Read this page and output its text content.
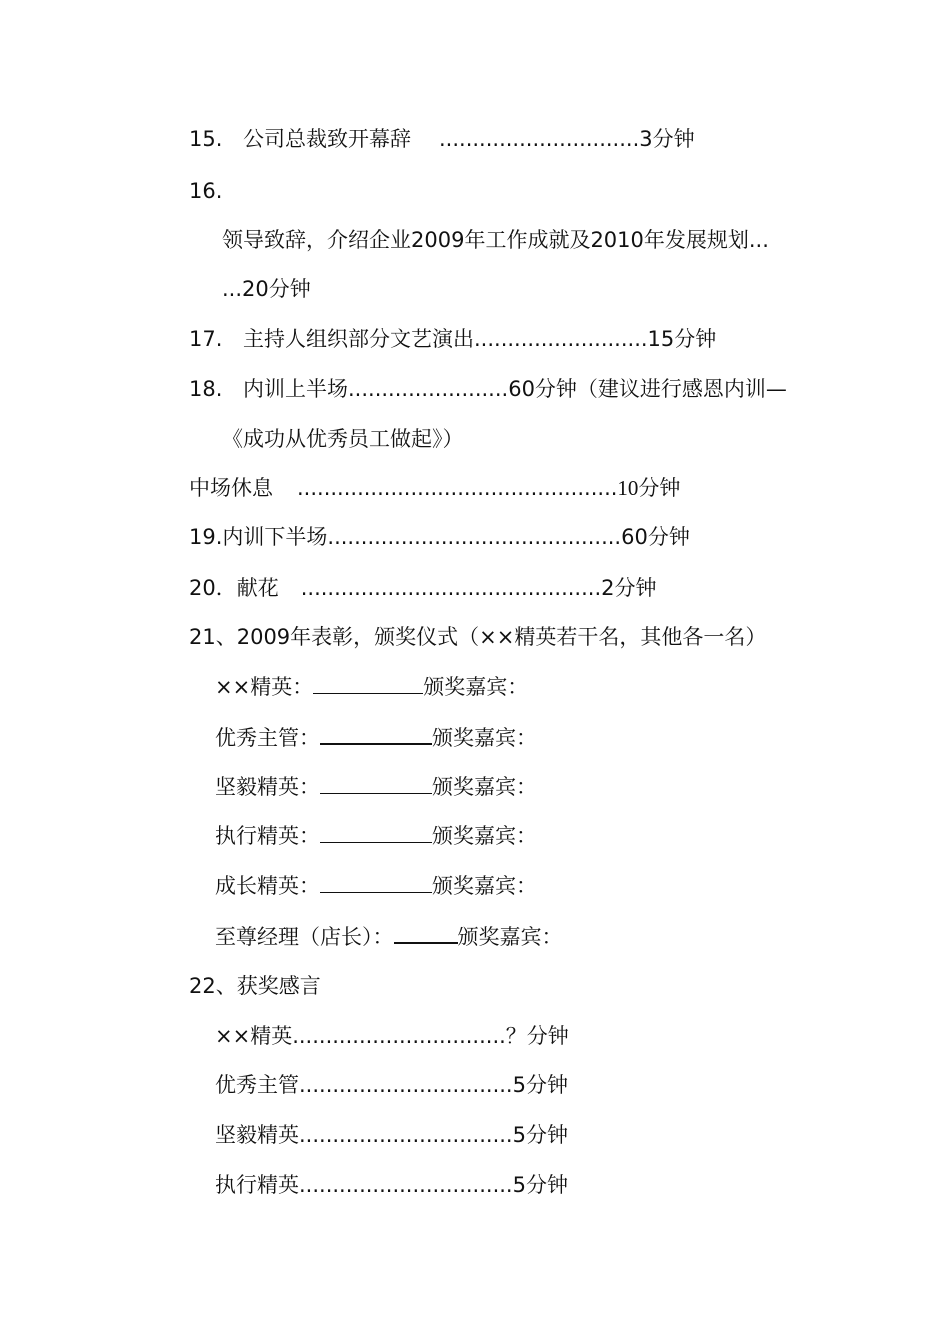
15. 公司总裁致开幕辞 ..............................3分钟
16.
领导致辞，介绍企业2009年工作成就及2010年发展规划...
...20分钟
17. 主持人组织部分文艺演出..........................15分钟
18. 内训上半场........................60分钟（建议进行感恩内训—
《成功从优秀员工做起》）
中场休息 ................................................10分钟
19.内训下半场............................................60分钟
20．献花 .............................................2分钟
21、2009年表彰，颁奖仪式（××精英若干名，其他各一名）
××精英：	颁奖嘉宾：
优秀主管：	颁奖嘉宾：
坚毅精英：	颁奖嘉宾：
执行精英：	颁奖嘉宾：
成长精英：	颁奖嘉宾：
至尊经理（店长）：	颁奖嘉宾：
22、获奖感言
××精英................................？分钟
优秀主管................................5分钟
坚毅精英................................5分钟
执行精英................................5分钟
